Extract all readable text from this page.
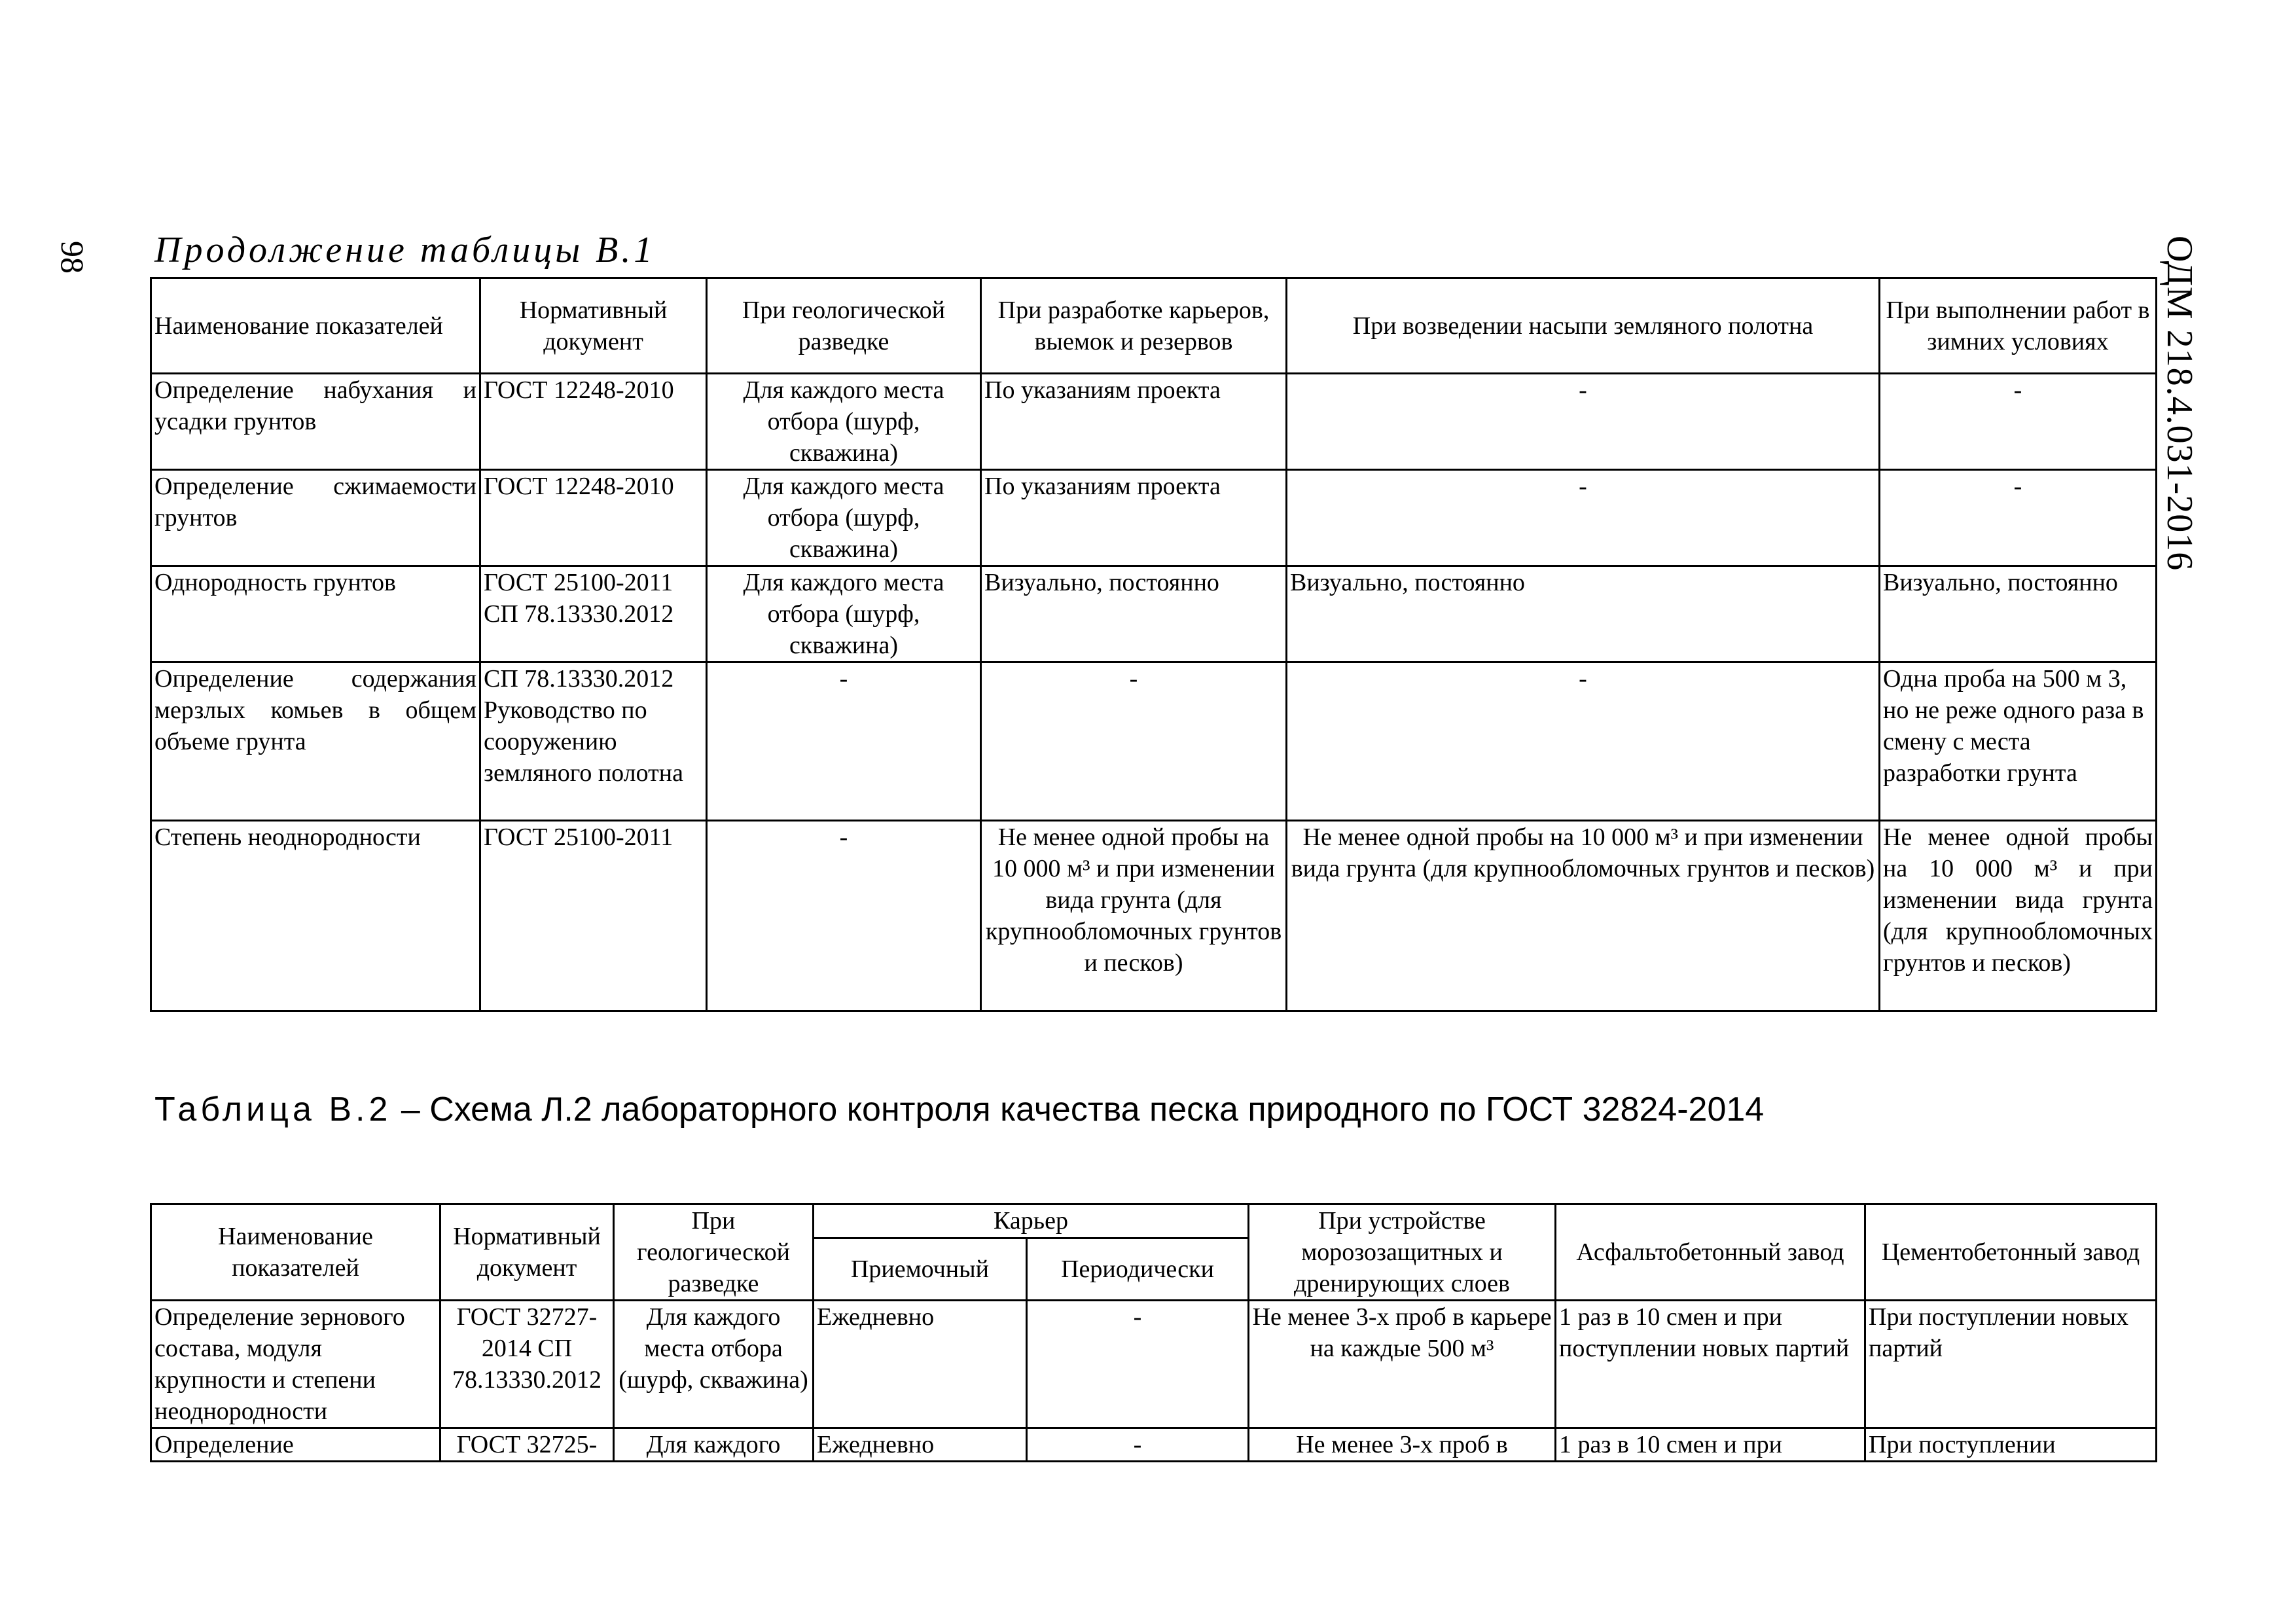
98	ОДМ 218.4.031-2016
Продолжение таблицы В.1
Наименование показателей	Нормативный документ	При геологической разведке	При разработке карьеров, выемок и резервов	При возведении насыпи земляного полотна	При выполнении работ в зимних условиях
Определение набухания и усадки грунтов	ГОСТ 12248-2010	Для каждого места отбора (шурф, скважина)	По указаниям проекта	-	-
Определение сжимаемости грунтов	ГОСТ 12248-2010	Для каждого места отбора (шурф, скважина)	По указаниям проекта	-	-
Однородность грунтов	ГОСТ 25100-2011 СП 78.13330.2012	Для каждого места отбора (шурф, скважина)	Визуально, постоянно	Визуально, постоянно	Визуально, постоянно
Определение содержания мерзлых комьев в общем объеме грунта	СП 78.13330.2012 Руководство по сооружению земляного полотна	-	-	-	Одна проба на 500 м 3, но не реже одного раза в смену с места разработки грунта
Степень неоднородности	ГОСТ 25100-2011	-	Не менее одной пробы на 10 000 м³ и при изменении вида грунта (для крупнообломочных грунтов и песков)	Не менее одной пробы на 10 000 м³ и при изменении вида грунта (для крупнообломочных грунтов и песков)	Не менее одной пробы на 10 000 м³ и при изменении вида грунта (для крупнообломочных грунтов и песков)
Таблица В.2 – Схема Л.2 лабораторного контроля качества песка природного по ГОСТ 32824-2014
Наименование показателей	Нормативный документ	При геологической разведке	Карьер		При устройстве морозозащитных и дренирующих слоев	Асфальтобетонный завод	Цементобетонный завод
			Приемочный	Периодически			
Определение зернового состава, модуля крупности и степени неоднородности	ГОСТ 32727-2014 СП 78.13330.2012	Для каждого места отбора (шурф, скважина)	Ежедневно	-	Не менее 3-х проб в карьере на каждые 500 м³	1 раз в 10 смен и при поступлении новых партий	При поступлении новых партий
Определение	ГОСТ 32725-	Для каждого	Ежедневно	-	Не менее 3-х проб в	1 раз в 10 смен и при	При поступлении
